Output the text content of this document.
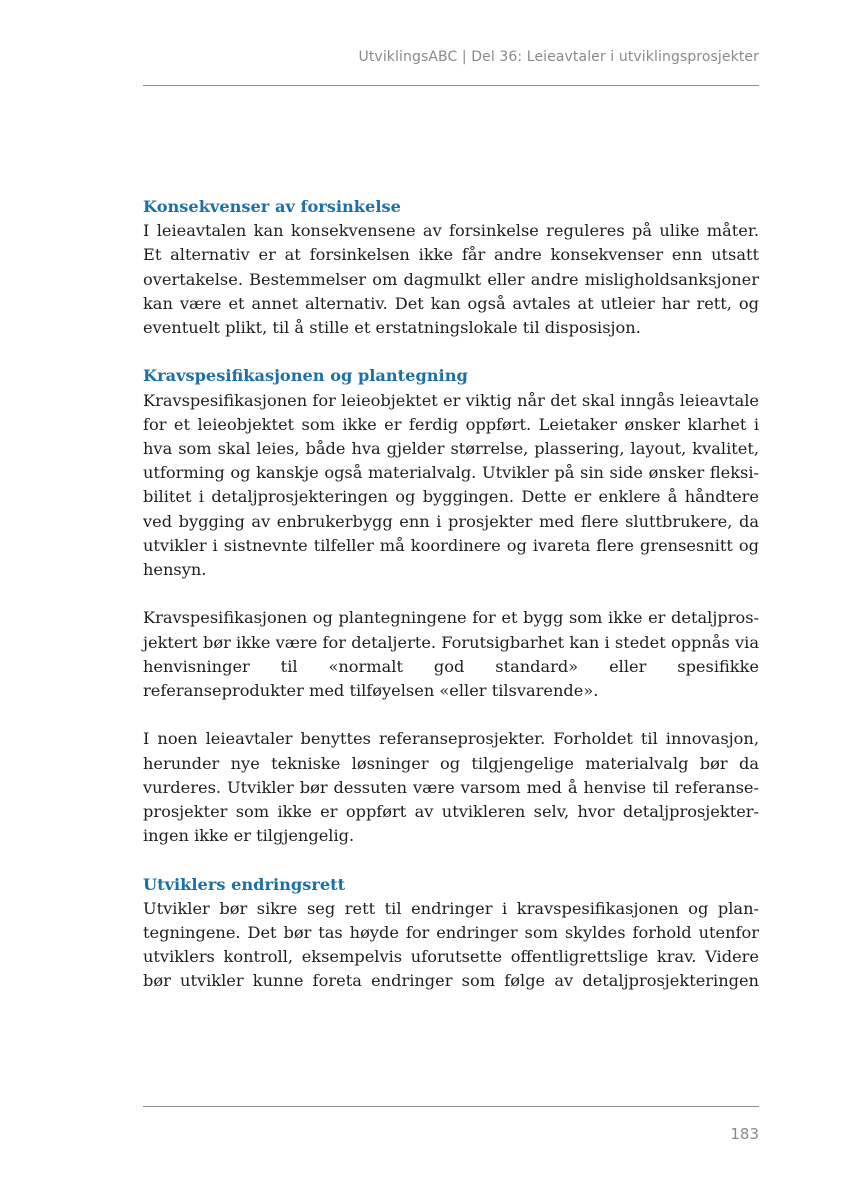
UtviklingsABC | Del 36: Leieavtaler i utviklingsprosjekter
Konsekvenser av forsinkelse

I leieavtalen kan konsekvensene av forsinkelse reguleres på ulike måter. Et alternativ er at forsinkelsen ikke får andre konsekvenser enn utsatt overtakelse. Bestemmelser om dagmulkt eller andre misligholdsanksjoner kan være et annet alternativ. Det kan også avtales at utleier har rett, og eventuelt plikt, til å stille et erstatningslokale til disposisjon.

Kravspesifikasjonen og plantegning

Kravspesifikasjonen for leieobjektet er viktig når det skal inngås leieavtale for et leieobjektet som ikke er ferdig oppført. Leietaker ønsker klarhet i hva som skal leies, både hva gjelder størrelse, plassering, layout, kvalitet, utforming og kanskje også materialvalg. Utvikler på sin side ønsker fleksibilitet i detaljprosjekteringen og byggingen. Dette er enklere å håndtere ved bygging av enbrukerbygg enn i prosjekter med flere sluttbrukere, da utvikler i sistnevnte tilfeller må koordinere og ivareta flere grensesnitt og hensyn.

Kravspesifikasjonen og plantegningene for et bygg som ikke er detaljprosjektert bør ikke være for detaljerte. Forutsigbarhet kan i stedet oppnås via henvisninger til «normalt god standard» eller spesifikke referanseprodukter med tilføyelsen «eller tilsvarende».

I noen leieavtaler benyttes referanseprosjekter. Forholdet til innovasjon, herunder nye tekniske løsninger og tilgjengelige materialvalg bør da vurderes. Utvikler bør dessuten være varsom med å henvise til referanseprosjekter som ikke er oppført av utvikleren selv, hvor detaljprosjekteringen ikke er tilgjengelig.

Utviklers endringsrett

Utvikler bør sikre seg rett til endringer i kravspesifikasjonen og plantegningene. Det bør tas høyde for endringer som skyldes forhold utenfor utviklers kontroll, eksempelvis uforutsette offentligrettslige krav. Videre bør utvikler kunne foreta endringer som følge av detaljprosjekteringen

183
